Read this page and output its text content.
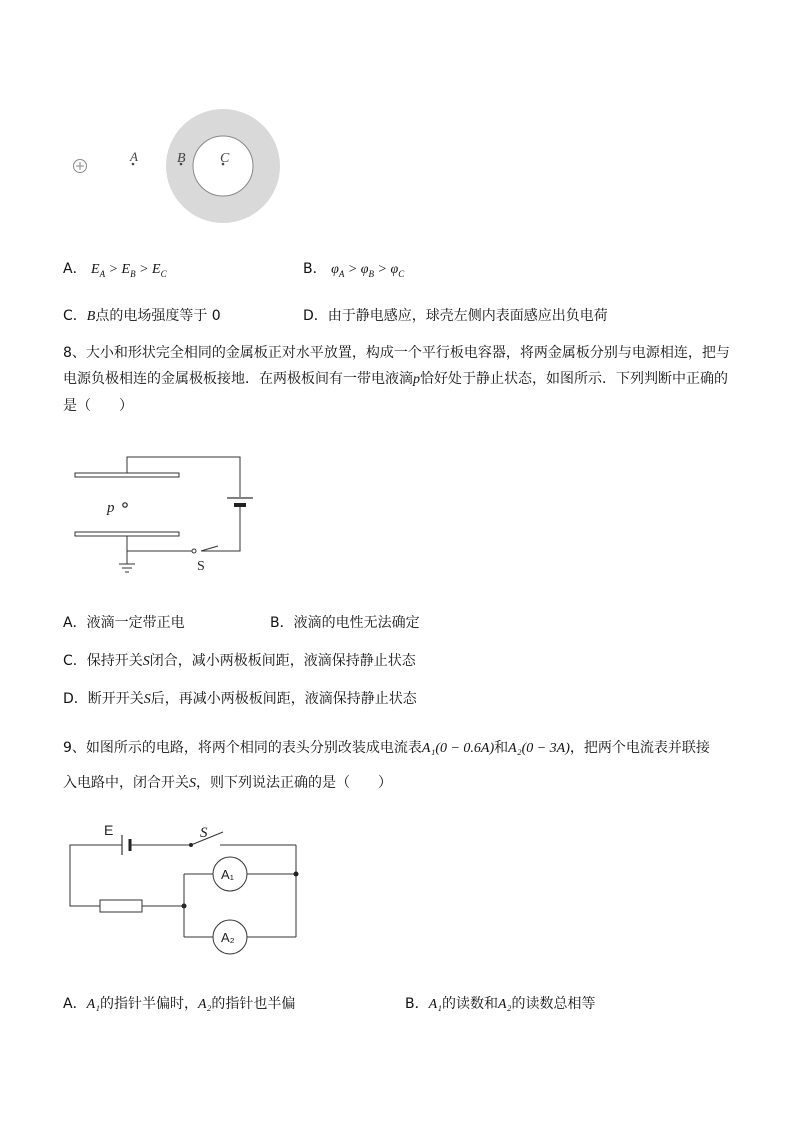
A	B C
A． $E_A > E_B > E_C$	B． $\varphi_A > \varphi_B > \varphi_C$
C．B点的电场强度等于 0	D．由于静电感应，球壳左侧内表面感应出负电荷
8、大小和形状完全相同的金属板正对水平放置，构成一个平行板电容器，将两金属板分别与电源相连，把与
电源负极相连的金属极板接地．在两极板间有一带电液滴p恰好处于静止状态，如图所示．下列判断中正确的
是（　　）
p
S
A．液滴一定带正电	B．液滴的电性无法确定
C．保持开关S闭合，减小两极板间距，液滴保持静止状态
D．断开开关S后，再减小两极板间距，液滴保持静止状态
9、如图所示的电路，将两个相同的表头分别改装成电流表A₁(0 − 0.6A)和A₂(0 − 3A)，把两个电流表并联接
入电路中，闭合开关S，则下列说法正确的是（　　）
E	S
A₁
A₂
A．A₁的指针半偏时，A₂的指针也半偏	B．A₁的读数和A₂的读数总相等
